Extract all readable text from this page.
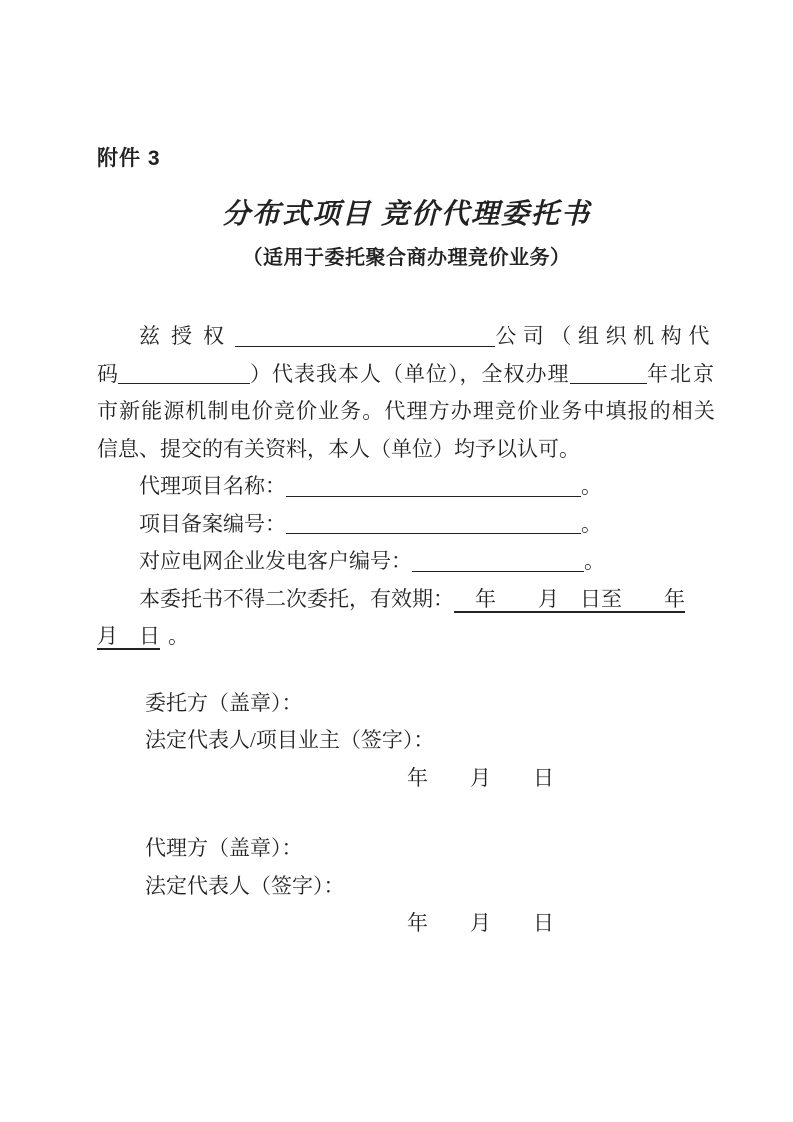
附件 3
分布式项目 竞价代理委托书
（适用于委托聚合商办理竞价业务）
兹授权	公司（组织机构代
码	）代表我本人（单位），全权办理	年北京
市新能源机制电价竞价业务。代理方办理竞价业务中填报的相关
信息、提交的有关资料，本人（单位）均予以认可。
代理项目名称：	。
项目备案编号：	。
对应电网企业发电客户编号：	。
本委托书不得二次委托，有效期： 　年　　月　日至　　年
月　日 。
委托方（盖章）：
法定代表人/项目业主（签字）：
年　　月　　日
代理方（盖章）：
法定代表人（签字）：
年　　月　　日
